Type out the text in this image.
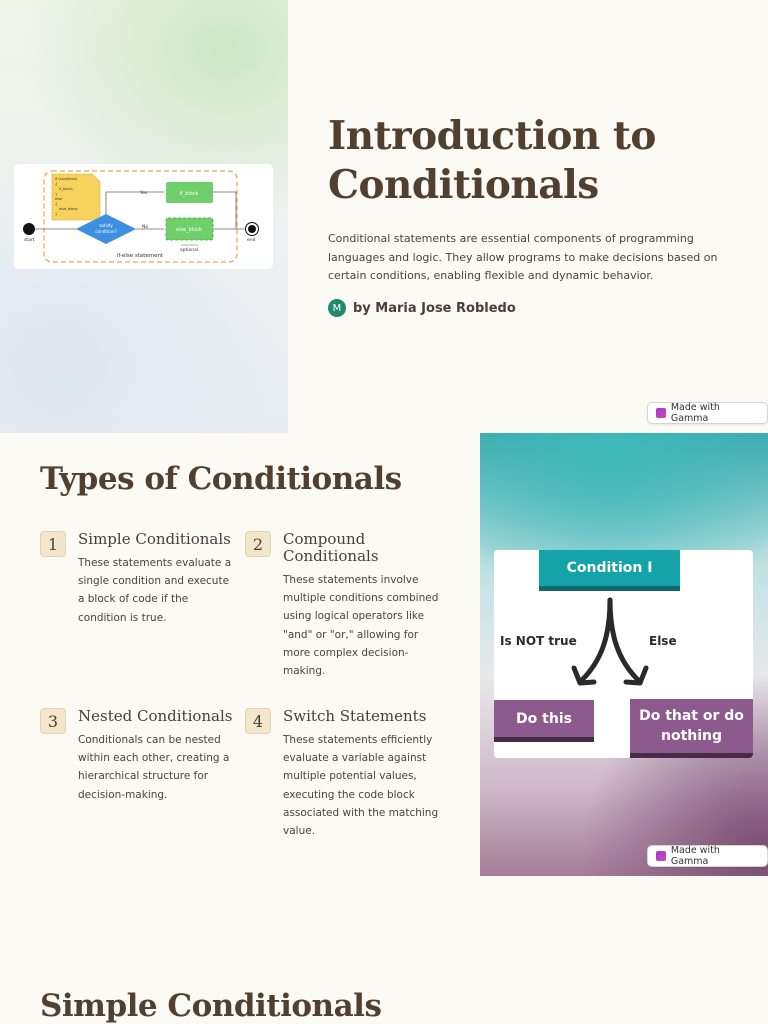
if (condition) { if_block; } else { else_block; }
start
satisfy
condition?
Yes	if_block
No	else_block
optional
end
if-else statement
Introduction to Conditionals

Conditional statements are essential components of programming languages and logic. They allow programs to make decisions based on certain conditions, enabling flexible and dynamic behavior.

M by Maria Jose Robledo
Made with Gamma
Types of Conditionals
1	Simple Conditionals
These statements evaluate a single condition and execute a block of code if the condition is true.
2	Compound Conditionals
These statements involve multiple conditions combined using logical operators like "and" or "or," allowing for more complex decision-making.
3	Nested Conditionals
Conditionals can be nested within each other, creating a hierarchical structure for decision-making.
4	Switch Statements
These statements efficiently evaluate a variable against multiple potential values, executing the code block associated with the matching value.
Condition I
Is NOT true	Else
Do this	Do that or do nothing
Made with Gamma
Simple Conditionals
